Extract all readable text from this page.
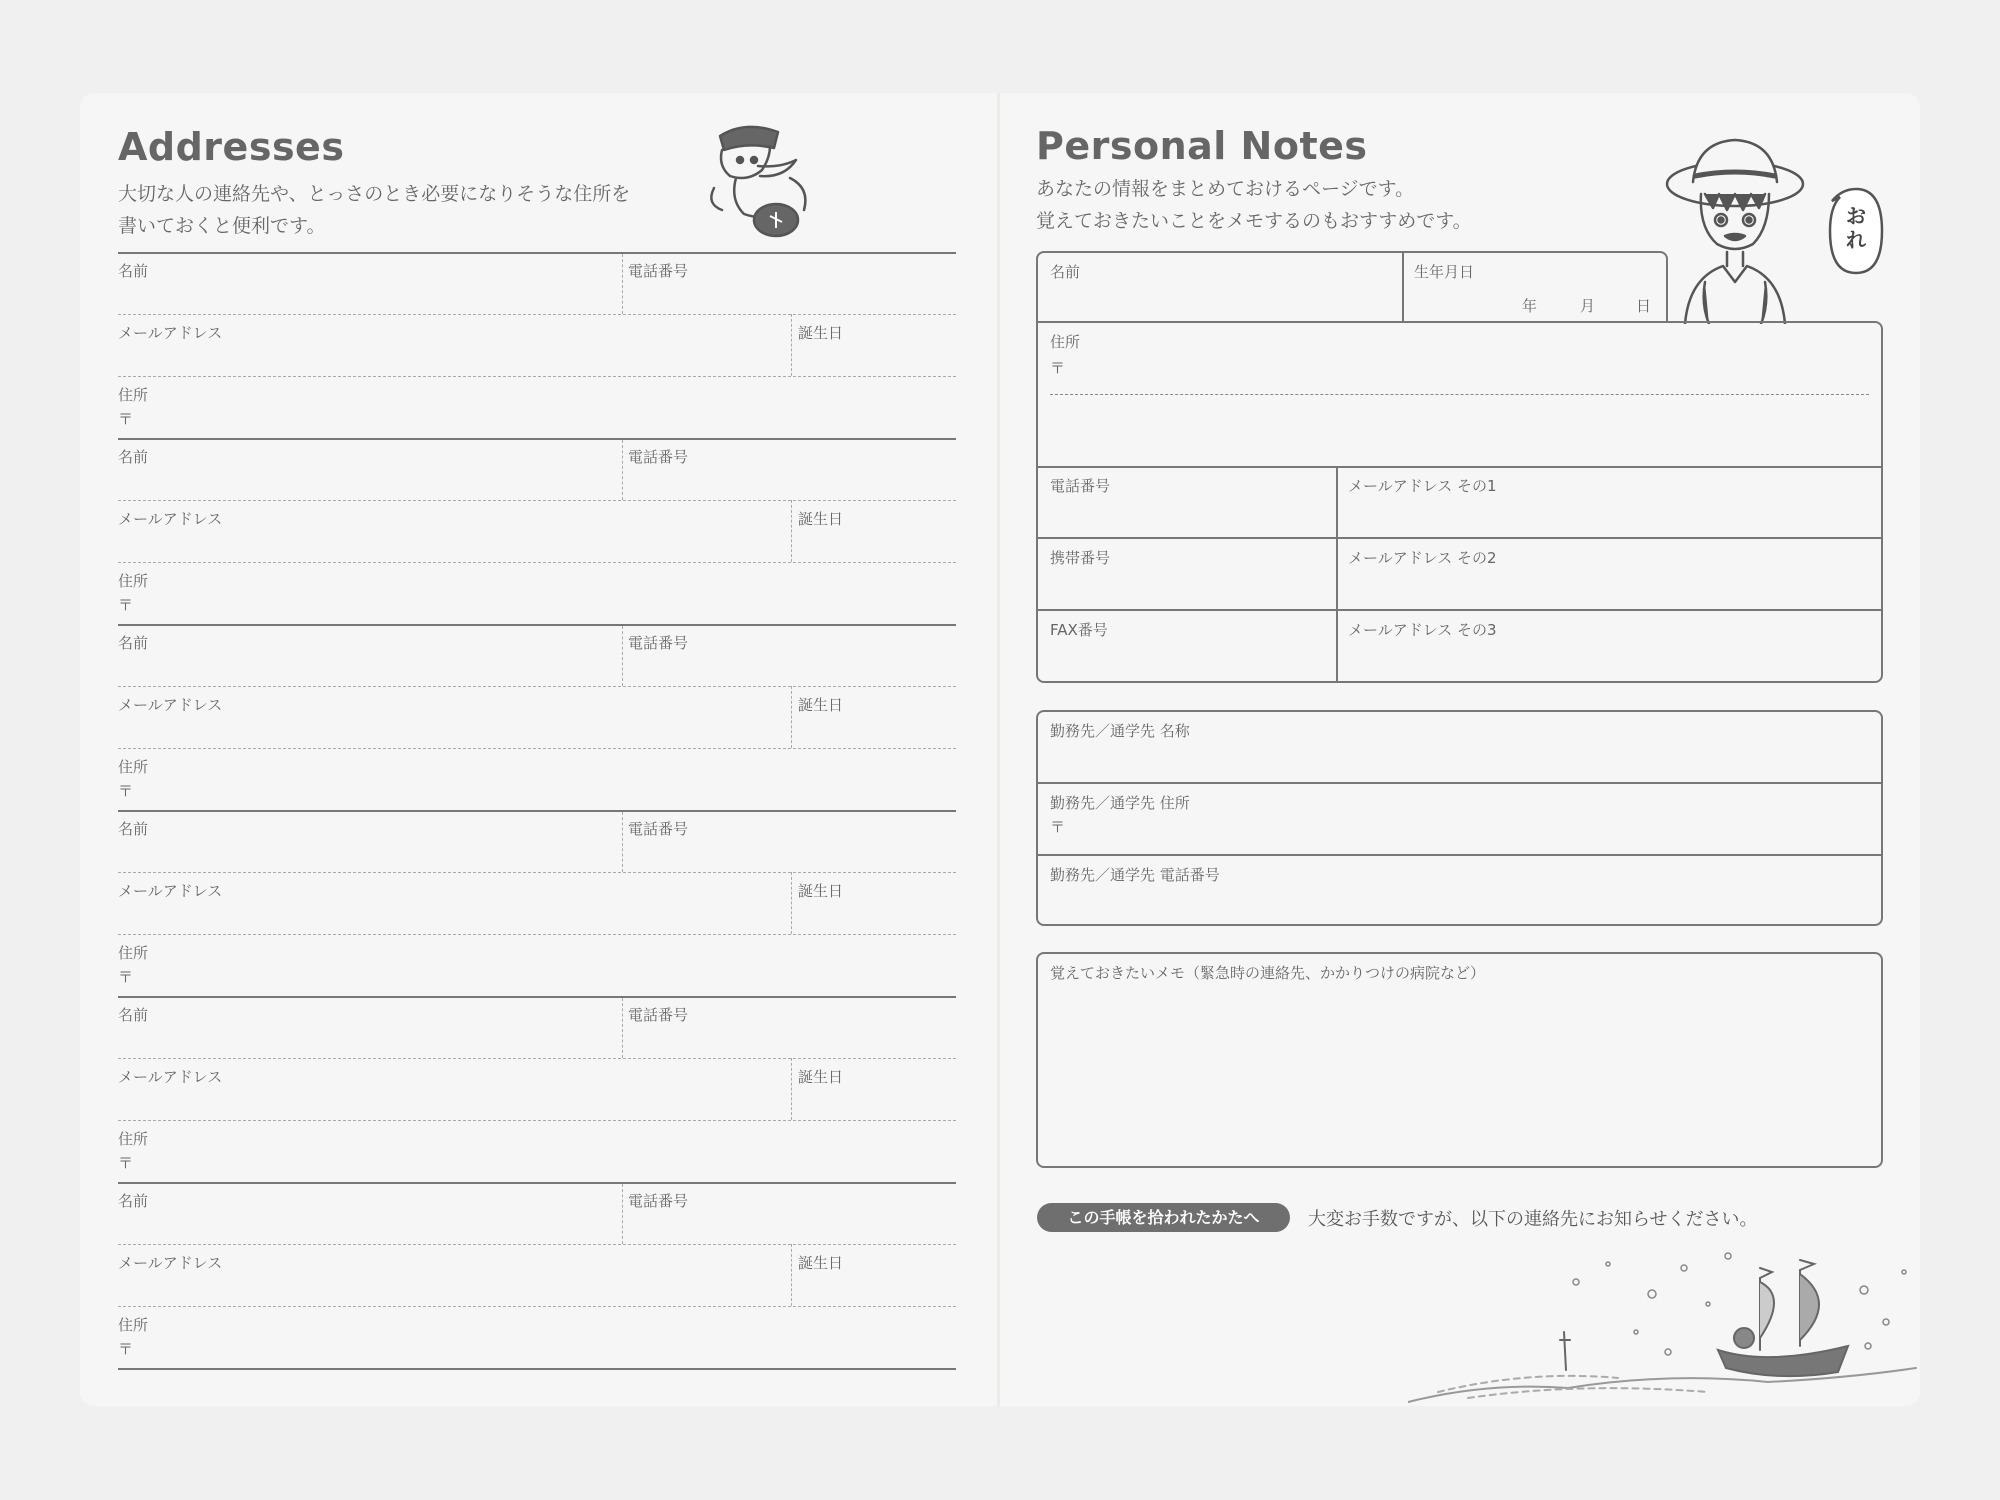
Addresses
大切な人の連絡先や、とっさのとき必要になりそうな住所を
書いておくと便利です。
名前	電話番号
メールアドレス	誕生日
住所
〒
名前	電話番号
メールアドレス	誕生日
住所
〒
名前	電話番号
メールアドレス	誕生日
住所
〒
名前	電話番号
メールアドレス	誕生日
住所
〒
名前	電話番号
メールアドレス	誕生日
住所
〒
名前	電話番号
メールアドレス	誕生日
住所
〒
Personal Notes
あなたの情報をまとめておけるページです。
覚えておきたいことをメモするのもおすすめです。	おれ
名前	生年月日
年	月	日
住所
〒
電話番号	メールアドレス その1
携帯番号	メールアドレス その2
FAX番号	メールアドレス その3
勤務先／通学先 名称
勤務先／通学先 住所
〒
勤務先／通学先 電話番号
覚えておきたいメモ（緊急時の連絡先、かかりつけの病院など）
この手帳を拾われたかたへ	大変お手数ですが、以下の連絡先にお知らせください。
